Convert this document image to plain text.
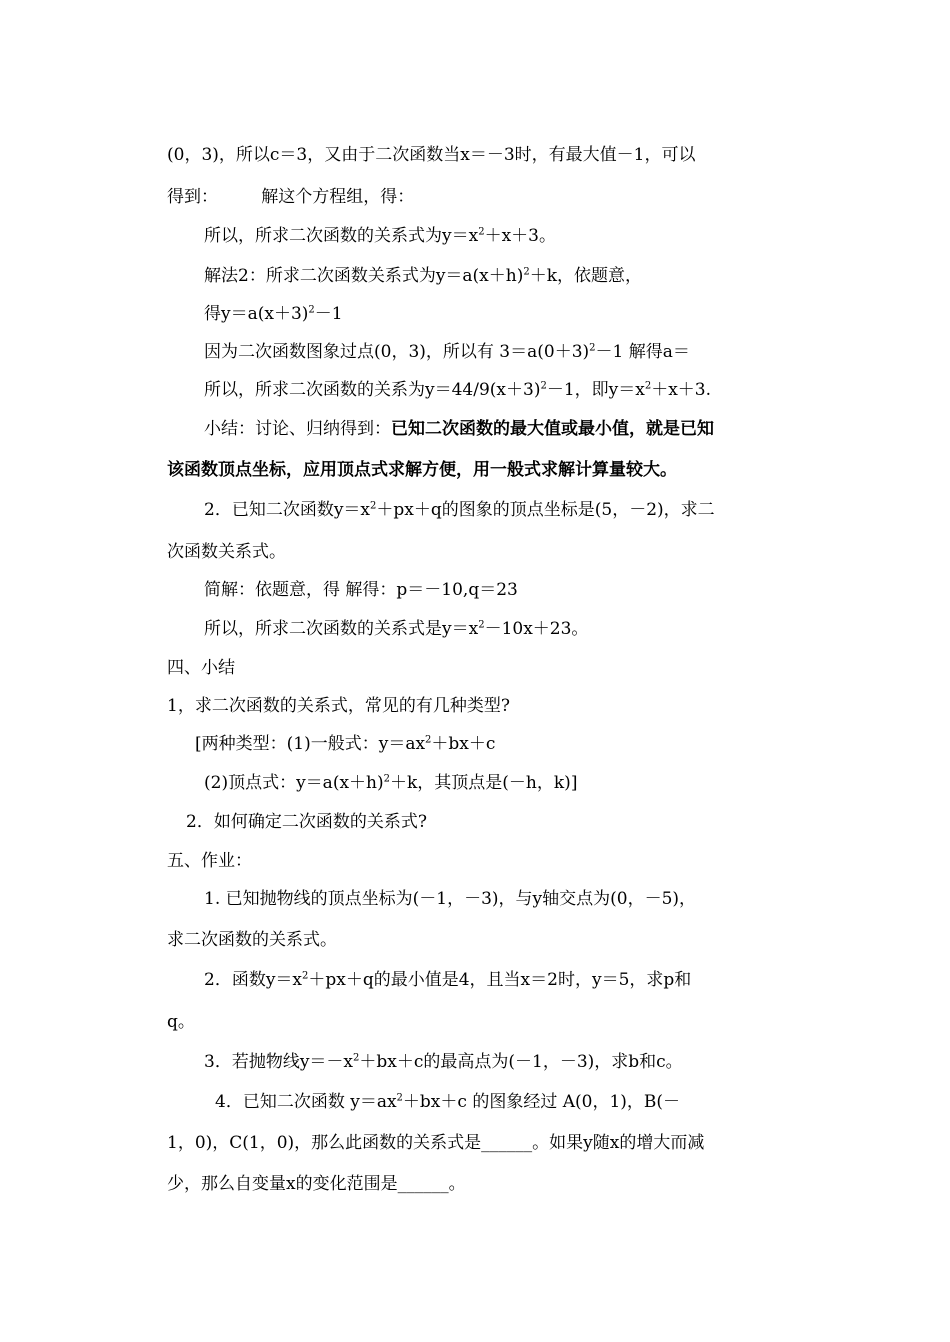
(0，3)，所以c＝3，又由于二次函数当x＝－3时，有最大值－1，可以
得到：        解这个方程组，得：
所以，所求二次函数的关系式为$y=x^2+x+3$。
解法2：所求二次函数关系式为$y=a(x+h)^2+k$，依题意，
得$y=a(x+3)^2-1$
因为二次函数图象过点(0，3)，所以有 $3=a(0+3)^2-1$ 解得a＝
所以，所求二次函数的关系为$y=44/9(x+3)^2-1$，即$y=x^2+x+3$.
小结：讨论、归纳得到：已知二次函数的最大值或最小值，就是已知
该函数顶点坐标，应用顶点式求解方便，用一般式求解计算量较大。
2．已知二次函数$y=x^2+px+q$的图象的顶点坐标是(5，－2)，求二
次函数关系式。
简解：依题意，得 解得：p＝－10,q＝23
所以，所求二次函数的关系式是$y=x^2-10x+23$。
四、小结
1，求二次函数的关系式，常见的有几种类型?
[两种类型：(1)一般式：$y=ax^2+bx+c$
(2)顶点式：$y=a(x+h)^2+k$，其顶点是(－h，k)]
2．如何确定二次函数的关系式?
五、作业：
1. 已知抛物线的顶点坐标为(－1，－3)，与y轴交点为(0，－5)，
求二次函数的关系式。
2．函数$y=x^2+px+q$的最小值是4，且当x＝2时，y＝5，求p和
q。
3．若抛物线$y=-x^2+bx+c$的最高点为(－1，－3)，求b和c。
4．已知二次函数 $y=ax^2+bx+c$ 的图象经过 A(0，1)，B(－
1，0)，C(1，0)，那么此函数的关系式是______。如果y随x的增大而减
少，那么自变量x的变化范围是______。
